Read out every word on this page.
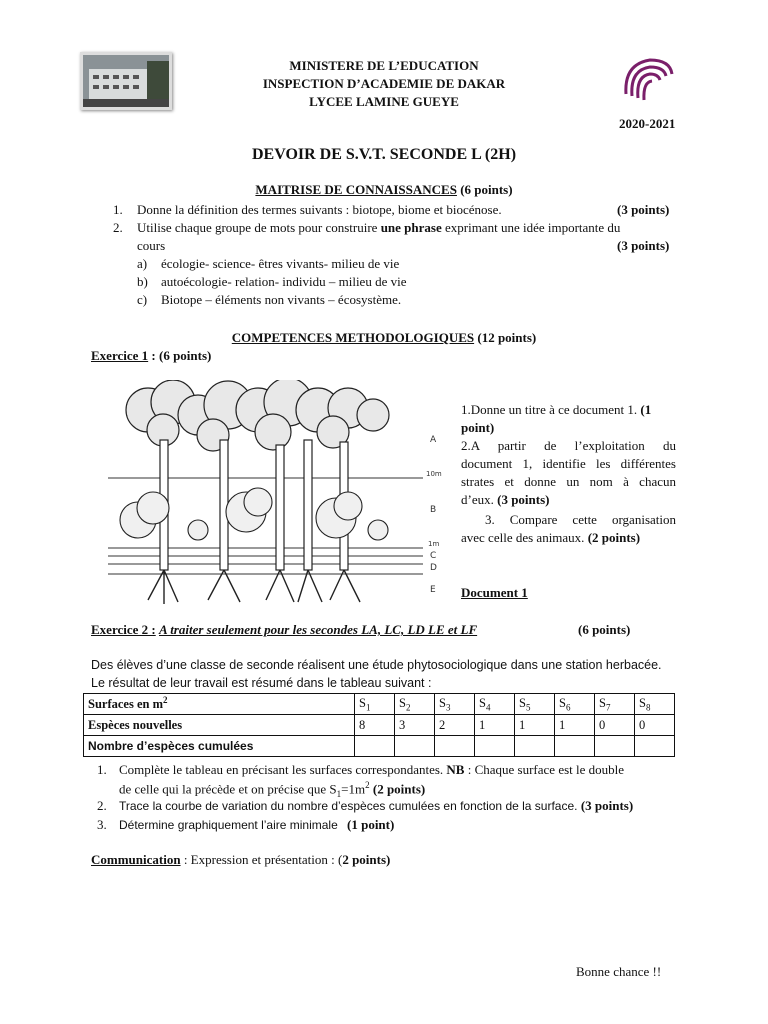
MINISTERE DE L’EDUCATION
INSPECTION D’ACADEMIE DE DAKAR
LYCEE LAMINE GUEYE
2020-2021
DEVOIR DE S.V.T. SECONDE L (2H)
MAITRISE DE CONNAISSANCES (6 points)
1. Donne la définition des termes suivants : biotope, biome et biocénose.	(3 points)
2. Utilise chaque groupe de mots pour construire une phrase exprimant une idée importante du
cours	(3 points)
a) écologie- science- êtres vivants- milieu de vie
b) autoécologie- relation- individu – milieu de vie
c) Biotope – éléments non vivants – écosystème.
COMPETENCES METHODOLOGIQUES (12 points)
Exercice 1 : (6 points)
A
10m
B
1m
C
D
E
1.Donne un titre à ce document 1. (1
point)
2.A partir de l’exploitation du
document 1, identifie les différentes
strates et donne un nom à chacun
d’eux. (3 points)
3. Compare cette organisation
avec celle des animaux. (2 points)
Document 1
Exercice 2 : A traiter seulement pour les secondes LA, LC, LD LE et LF	(6 points)
Des élèves d’une classe de seconde réalisent une étude phytosociologique dans une station herbacée.
Le résultat de leur travail est résumé dans le tableau suivant :
Surfaces en $m^2$	$S_1$	$S_2$	$S_3$	$S_4$	$S_5$	$S_6$	$S_7$	$S_8$
Espèces nouvelles	8	3	2	1	1	1	0	0
Nombre d’espèces cumulées								
1. Complète le tableau en précisant les surfaces correspondantes. NB : Chaque surface est le double
de celle qui la précède et on précise que $S_1=1m^2$ (2 points)
2. Trace la courbe de variation du nombre d’espèces cumulées en fonction de la surface. (3 points)
3. Détermine graphiquement l’aire minimale (1 point)
Communication : Expression et présentation : (2 points)
Bonne chance !!
